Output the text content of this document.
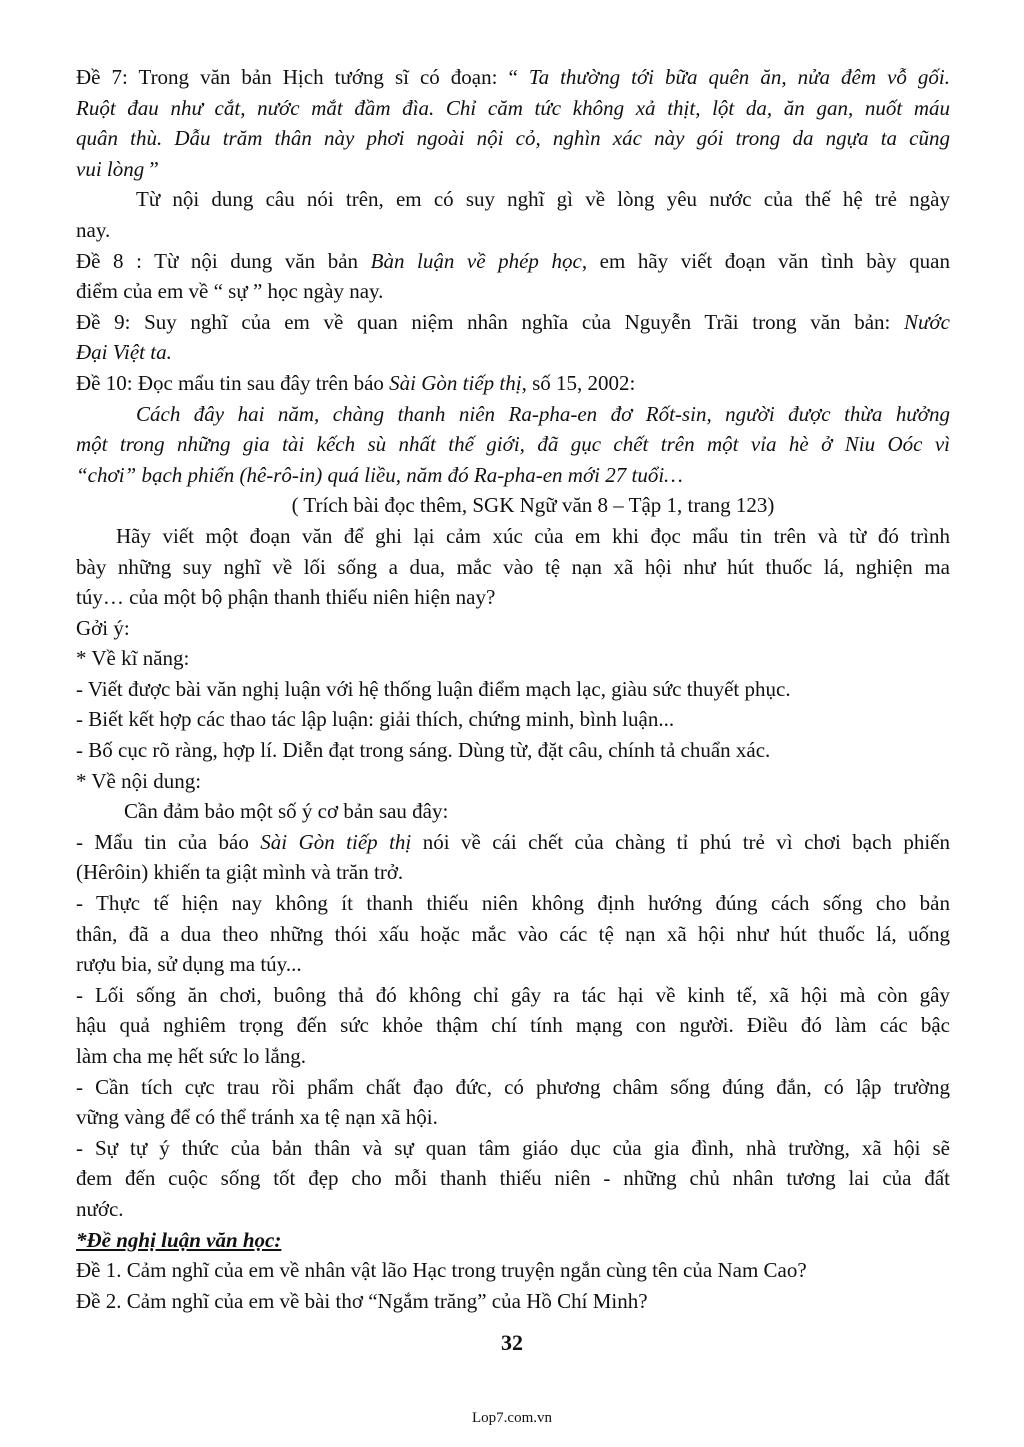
Đề 7: Trong văn bản Hịch tướng sĩ có đoạn: “ Ta thường tới bữa quên ăn, nửa đêm vỗ gối.
Ruột đau như cắt, nước mắt đầm đìa. Chỉ căm tức không xả thịt, lột da, ăn gan, nuốt máu
quân thù. Dẫu trăm thân này phơi ngoài nội cỏ, nghìn xác này gói trong da ngựa ta cũng
vui lòng ”
Từ nội dung câu nói trên, em có suy nghĩ gì về lòng yêu nước của thế hệ trẻ ngày
nay.
Đề 8 : Từ nội dung văn bản Bàn luận về phép học, em hãy viết đoạn văn tình bày quan
điểm của em về “ sự ” học ngày nay.
Đề 9: Suy nghĩ của em về quan niệm nhân nghĩa của Nguyễn Trãi trong văn bản: Nước
Đại Việt ta.
Đề 10: Đọc mẩu tin sau đây trên báo Sài Gòn tiếp thị, số 15, 2002:
Cách đây hai năm, chàng thanh niên Ra-pha-en đơ Rốt-sin, người được thừa hưởng
một trong những gia tài kếch sù nhất thế giới, đã gục chết trên một vỉa hè ở Niu Oóc vì
“chơi” bạch phiến (hê-rô-in) quá liều, năm đó Ra-pha-en mới 27 tuổi…
( Trích bài đọc thêm, SGK Ngữ văn 8 – Tập 1, trang 123)
Hãy viết một đoạn văn để ghi lại cảm xúc của em khi đọc mẩu tin trên và từ đó trình
bày những suy nghĩ về lối sống a dua, mắc vào tệ nạn xã hội như hút thuốc lá, nghiện ma
túy… của một bộ phận thanh thiếu niên hiện nay?
Gởi ý:
* Về kĩ năng:
- Viết được bài văn nghị luận với hệ thống luận điểm mạch lạc, giàu sức thuyết phục.
- Biết kết hợp các thao tác lập luận: giải thích, chứng minh, bình luận...
- Bố cục rõ ràng, hợp lí. Diễn đạt trong sáng. Dùng từ, đặt câu, chính tả chuẩn xác.
* Về nội dung:
Cần đảm bảo một số ý cơ bản sau đây:
- Mẩu tin của báo Sài Gòn tiếp thị nói về cái chết của chàng tỉ phú trẻ vì chơi bạch phiến
(Hêrôin) khiến ta giật mình và trăn trở.
- Thực tế hiện nay không ít thanh thiếu niên không định hướng đúng cách sống cho bản
thân, đã a dua theo những thói xấu hoặc mắc vào các tệ nạn xã hội như hút thuốc lá, uống
rượu bia, sử dụng ma túy...
- Lối sống ăn chơi, buông thả đó không chỉ gây ra tác hại về kinh tế, xã hội mà còn gây
hậu quả nghiêm trọng đến sức khỏe thậm chí tính mạng con người. Điều đó làm các bậc
làm cha mẹ hết sức lo lắng.
- Cần tích cực trau rồi phẩm chất đạo đức, có phương châm sống đúng đắn, có lập trường
vững vàng để có thể tránh xa tệ nạn xã hội.
- Sự tự ý thức của bản thân và sự quan tâm giáo dục của gia đình, nhà trường, xã hội sẽ
đem đến cuộc sống tốt đẹp cho mỗi thanh thiếu niên - những chủ nhân tương lai của đất
nước.
*Đề nghị luận văn học:
Đề 1. Cảm nghĩ của em về nhân vật lão Hạc trong truyện ngắn cùng tên của Nam Cao?
Đề 2. Cảm nghĩ của em về bài thơ “Ngắm trăng” của Hồ Chí Minh?
32
Lop7.com.vn
